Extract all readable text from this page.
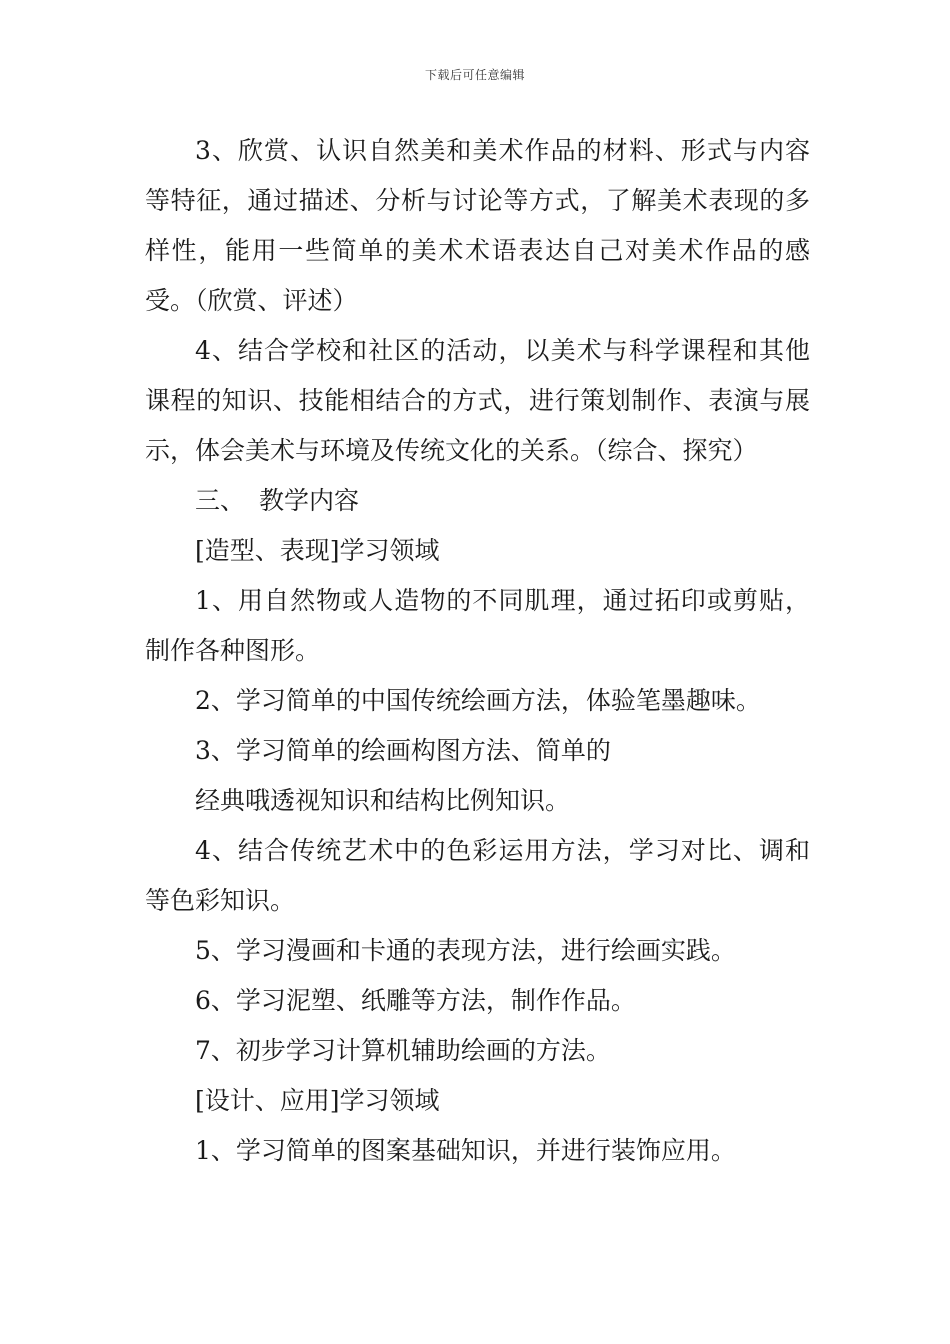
下载后可任意编辑

3、欣赏、认识自然美和美术作品的材料、形式与内容等特征，通过描述、分析与讨论等方式，了解美术表现的多样性，能用一些简单的美术术语表达自己对美术作品的感受。（欣赏、评述）

4、结合学校和社区的活动，以美术与科学课程和其他课程的知识、技能相结合的方式，进行策划制作、表演与展示，体会美术与环境及传统文化的关系。（综合、探究）

三、 教学内容

[造型、表现]学习领域

1、用自然物或人造物的不同肌理，通过拓印或剪贴，制作各种图形。

2、学习简单的中国传统绘画方法，体验笔墨趣味。

3、学习简单的绘画构图方法、简单的

经典哦透视知识和结构比例知识。

4、结合传统艺术中的色彩运用方法，学习对比、调和等色彩知识。

5、学习漫画和卡通的表现方法，进行绘画实践。

6、学习泥塑、纸雕等方法，制作作品。

7、初步学习计算机辅助绘画的方法。

[设计、应用]学习领域

1、学习简单的图案基础知识，并进行装饰应用。
